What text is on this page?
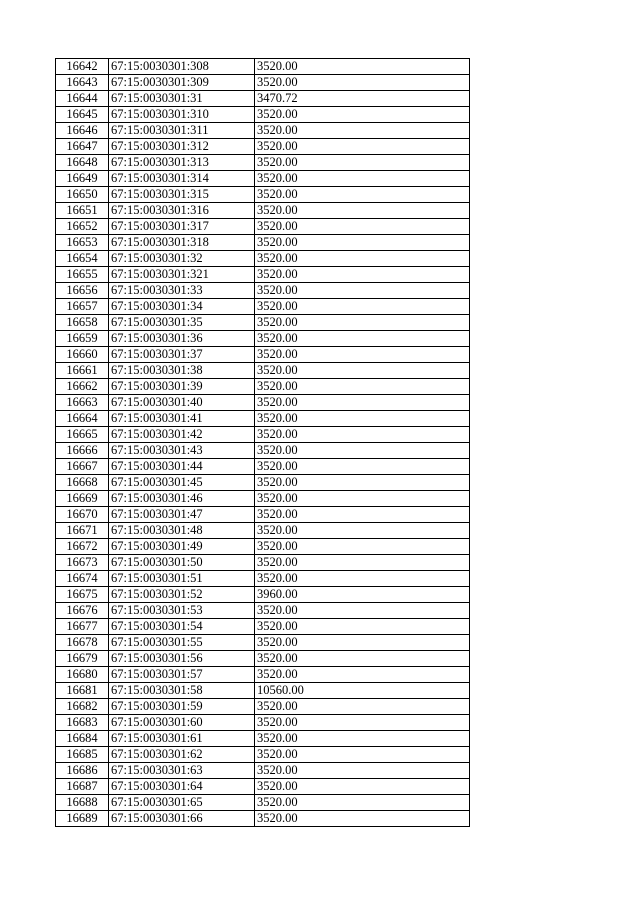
16642	67:15:0030301:308	3520.00
16643	67:15:0030301:309	3520.00
16644	67:15:0030301:31	3470.72
16645	67:15:0030301:310	3520.00
16646	67:15:0030301:311	3520.00
16647	67:15:0030301:312	3520.00
16648	67:15:0030301:313	3520.00
16649	67:15:0030301:314	3520.00
16650	67:15:0030301:315	3520.00
16651	67:15:0030301:316	3520.00
16652	67:15:0030301:317	3520.00
16653	67:15:0030301:318	3520.00
16654	67:15:0030301:32	3520.00
16655	67:15:0030301:321	3520.00
16656	67:15:0030301:33	3520.00
16657	67:15:0030301:34	3520.00
16658	67:15:0030301:35	3520.00
16659	67:15:0030301:36	3520.00
16660	67:15:0030301:37	3520.00
16661	67:15:0030301:38	3520.00
16662	67:15:0030301:39	3520.00
16663	67:15:0030301:40	3520.00
16664	67:15:0030301:41	3520.00
16665	67:15:0030301:42	3520.00
16666	67:15:0030301:43	3520.00
16667	67:15:0030301:44	3520.00
16668	67:15:0030301:45	3520.00
16669	67:15:0030301:46	3520.00
16670	67:15:0030301:47	3520.00
16671	67:15:0030301:48	3520.00
16672	67:15:0030301:49	3520.00
16673	67:15:0030301:50	3520.00
16674	67:15:0030301:51	3520.00
16675	67:15:0030301:52	3960.00
16676	67:15:0030301:53	3520.00
16677	67:15:0030301:54	3520.00
16678	67:15:0030301:55	3520.00
16679	67:15:0030301:56	3520.00
16680	67:15:0030301:57	3520.00
16681	67:15:0030301:58	10560.00
16682	67:15:0030301:59	3520.00
16683	67:15:0030301:60	3520.00
16684	67:15:0030301:61	3520.00
16685	67:15:0030301:62	3520.00
16686	67:15:0030301:63	3520.00
16687	67:15:0030301:64	3520.00
16688	67:15:0030301:65	3520.00
16689	67:15:0030301:66	3520.00
